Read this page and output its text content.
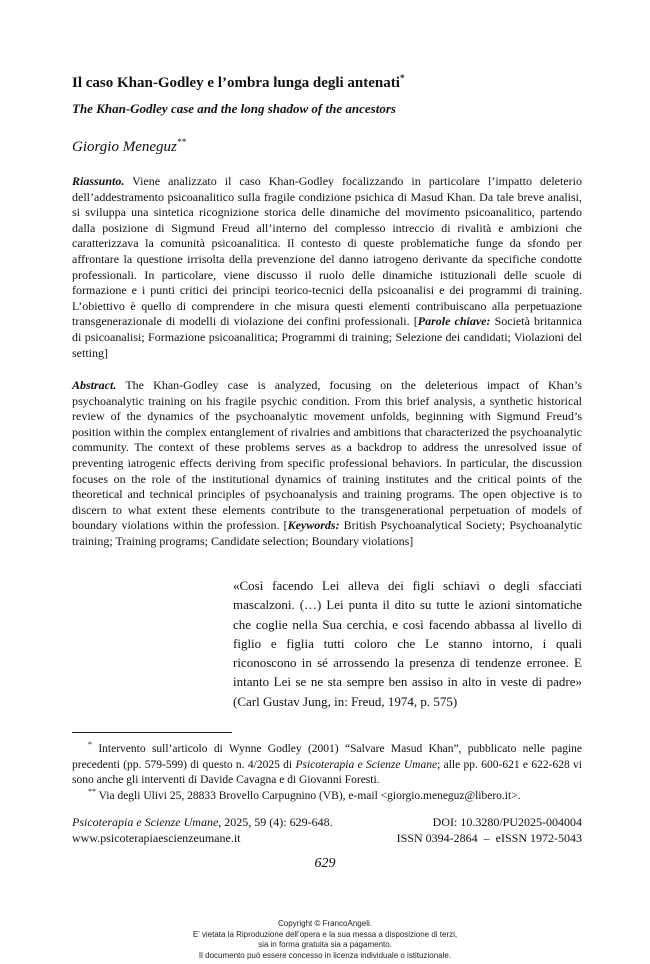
Il caso Khan-Godley e l’ombra lunga degli antenati*
The Khan-Godley case and the long shadow of the ancestors
Giorgio Meneguz**

Riassunto. Viene analizzato il caso Khan-Godley focalizzando in particolare l’impatto deleterio dell’addestramento psicoanalitico sulla fragile condizione psichica di Masud Khan. Da tale breve analisi, si sviluppa una sintetica ricognizione storica delle dinamiche del movimento psicoanalitico, partendo dalla posizione di Sigmund Freud all’interno del complesso intreccio di rivalità e ambizioni che caratterizzava la comunità psicoanalitica. Il contesto di queste problematiche funge da sfondo per affrontare la questione irrisolta della prevenzione del danno iatrogeno derivante da specifiche condotte professionali. In particolare, viene discusso il ruolo delle dinamiche istituzionali delle scuole di formazione e i punti critici dei principi teorico-tecnici della psicoanalisi e dei programmi di training. L’obiettivo è quello di comprendere in che misura questi elementi contribuiscano alla perpetuazione transgenerazionale di modelli di violazione dei confini professionali. [Parole chiave: Società britannica di psicoanalisi; Formazione psicoanalitica; Programmi di training; Selezione dei candidati; Violazioni del setting]

Abstract. The Khan-Godley case is analyzed, focusing on the deleterious impact of Khan’s psychoanalytic training on his fragile psychic condition. From this brief analysis, a synthetic historical review of the dynamics of the psychoanalytic movement unfolds, beginning with Sigmund Freud’s position within the complex entanglement of rivalries and ambitions that characterized the psychoanalytic community. The context of these problems serves as a backdrop to address the unresolved issue of preventing iatrogenic effects deriving from specific professional behaviors. In particular, the discussion focuses on the role of the institutional dynamics of training institutes and the critical points of the theoretical and technical principles of psychoanalysis and training programs. The open objective is to discern to what extent these elements contribute to the transgenerational perpetuation of models of boundary violations within the profession. [Keywords: British Psychoanalytical Society; Psychoanalytic training; Training programs; Candidate selection; Boundary violations]

«Così facendo Lei alleva dei figli schiavi o degli sfacciati mascalzoni. (…) Lei punta il dito su tutte le azioni sintomatiche che coglie nella Sua cerchia, e così facendo abbassa al livello di figlio e figlia tutti coloro che Le stanno intorno, i quali riconoscono in sé arrossendo la presenza di tendenze erronee. E intanto Lei se ne sta sempre ben assiso in alto in veste di padre» (Carl Gustav Jung, in: Freud, 1974, p. 575)

* Intervento sull’articolo di Wynne Godley (2001) “Salvare Masud Khan”, pubblicato nelle pagine precedenti (pp. 579-599) di questo n. 4/2025 di Psicoterapia e Scienze Umane; alle pp. 600-621 e 622-628 vi sono anche gli interventi di Davide Cavagna e di Giovanni Foresti.

** Via degli Ulivi 25, 28833 Brovello Carpugnino (VB), e-mail <giorgio.meneguz@libero.it>.

Psicoterapia e Scienze Umane, 2025, 59 (4): 629-648.	DOI: 10.3280/PU2025-004004
www.psicoterapiaescienzeumane.it	ISSN 0394-2864  –  eISSN 1972-5043
629
Copyright © FrancoAngeli.
E’ vietata la Riproduzione dell’opera e la sua messa a disposizione di terzi,
sia in forma gratuita sia a pagamento.
Il documento può essere concesso in licenza individuale o istituzionale.
